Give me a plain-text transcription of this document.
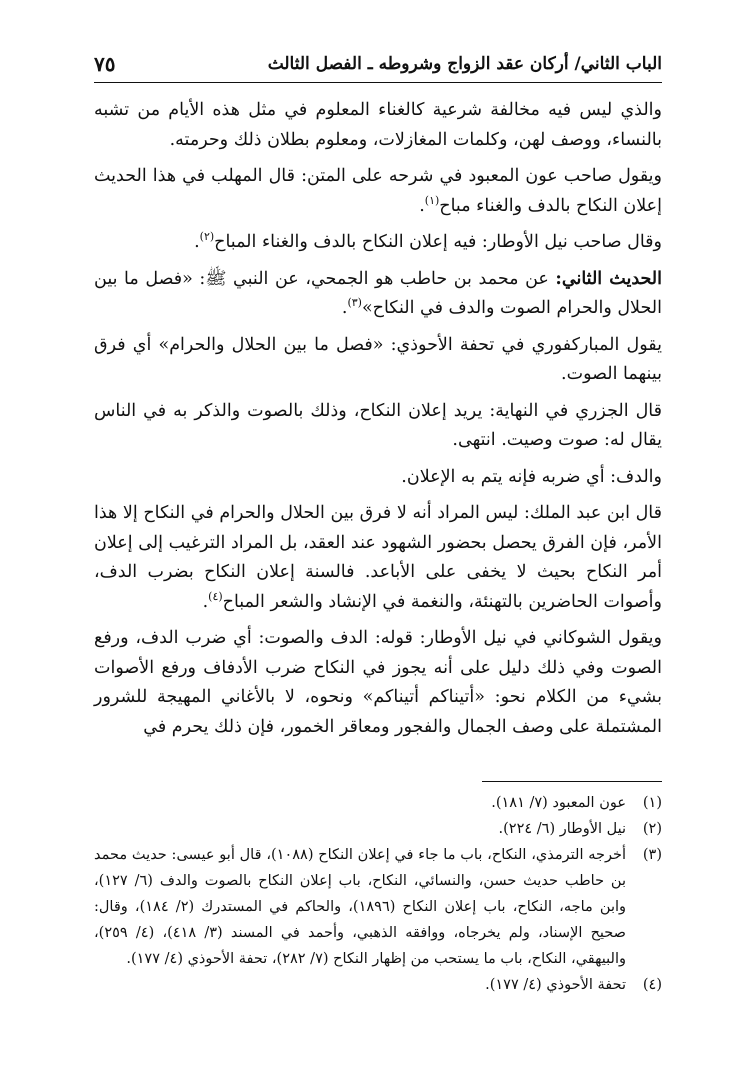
الباب الثاني/ أركان عقد الزواج وشروطه ـ الفصل الثالث
٧٥

والذي ليس فيه مخالفة شرعية كالغناء المعلوم في مثل هذه الأيام من تشبه بالنساء، ووصف لهن، وكلمات المغازلات، ومعلوم بطلان ذلك وحرمته.

ويقول صاحب عون المعبود في شرحه على المتن: قال المهلب في هذا الحديث إعلان النكاح بالدف والغناء مباح$^{(١)}$.

وقال صاحب نيل الأوطار: فيه إعلان النكاح بالدف والغناء المباح$^{(٢)}$.

الحديث الثاني: عن محمد بن حاطب هو الجمحي، عن النبي ﷺ: «فصل ما بين الحلال والحرام الصوت والدف في النكاح»$^{(٣)}$.

يقول المباركفوري في تحفة الأحوذي: «فصل ما بين الحلال والحرام» أي فرق بينهما الصوت.

قال الجزري في النهاية: يريد إعلان النكاح، وذلك بالصوت والذكر به في الناس يقال له: صوت وصيت. انتهى.

والدف: أي ضربه فإنه يتم به الإعلان.

قال ابن عبد الملك: ليس المراد أنه لا فرق بين الحلال والحرام في النكاح إلا هذا الأمر، فإن الفرق يحصل بحضور الشهود عند العقد، بل المراد الترغيب إلى إعلان أمر النكاح بحيث لا يخفى على الأباعد. فالسنة إعلان النكاح بضرب الدف، وأصوات الحاضرين بالتهنئة، والنغمة في الإنشاد والشعر المباح$^{(٤)}$.

ويقول الشوكاني في نيل الأوطار: قوله: الدف والصوت: أي ضرب الدف، ورفع الصوت وفي ذلك دليل على أنه يجوز في النكاح ضرب الأدفاف ورفع الأصوات بشيء من الكلام نحو: «أتيناكم أتيناكم» ونحوه، لا بالأغاني المهيجة للشرور المشتملة على وصف الجمال والفجور ومعاقر الخمور، فإن ذلك يحرم في

(١)
عون المعبود (٧/ ١٨١).
(٢)
نيل الأوطار (٦/ ٢٢٤).
(٣)
أخرجه الترمذي، النكاح، باب ما جاء في إعلان النكاح (١٠٨٨)، قال أبو عيسى: حديث محمد بن حاطب حديث حسن، والنسائي، النكاح، باب إعلان النكاح بالصوت والدف (٦/ ١٢٧)، وابن ماجه، النكاح، باب إعلان النكاح (١٨٩٦)، والحاكم في المستدرك (٢/ ١٨٤)، وقال: صحيح الإسناد، ولم يخرجاه، ووافقه الذهبي، وأحمد في المسند (٣/ ٤١٨)، (٤/ ٢٥٩)، والبيهقي، النكاح، باب ما يستحب من إظهار النكاح (٧/ ٢٨٢)، تحفة الأحوذي (٤/ ١٧٧).
(٤)
تحفة الأحوذي (٤/ ١٧٧).
